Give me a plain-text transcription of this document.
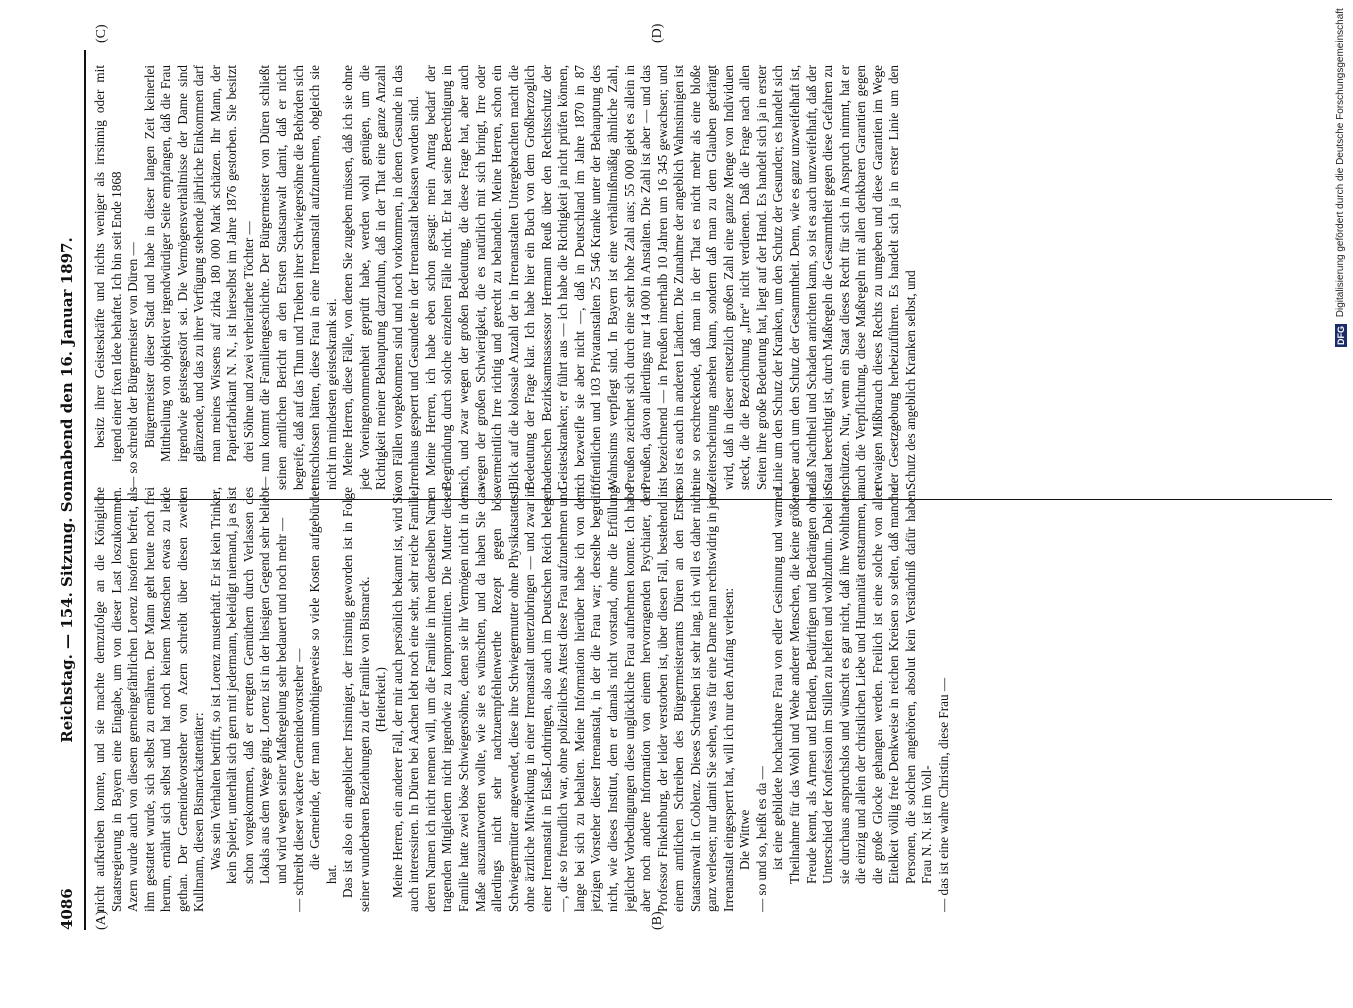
4086
Reichstag. — 154. Sitzung. Sonnabend den 16. Januar 1897.
(A)	(B)
(C)	(D)

nicht aufkreiben konnte, und sie machte demzufolge an die Königliche Staatsregierung in Bayern eine Eingabe, um von dieser Last loszukommen. Azern wurde auch von diesem gemeingefährlichen Lorenz insofern befreit, als ihm gestattet wurde, sich selbst zu ernähren. Der Mann geht heute noch frei herum, ernährt sich selbst und hat noch keinem Menschen etwas zu leide gethan. Der Gemeindevorsteher von Azern schreibt über diesen zweiten Kullmann, diesen Bismarckattentäter: Was sein Verhalten betrifft, so ist Lorenz musterhaft. Er ist kein Trinker, kein Spieler, unterhält sich gern mit jedermann, beleidigt niemand, ja es ist schon vorgekommen, daß er erregten Gemüthern durch Verlassen des Lokals aus dem Wege ging. Lorenz ist in der hiesigen Gegend sehr beliebt und wird wegen seiner Maßregelung sehr bedauert und noch mehr — — schreibt dieser wackere Gemeindevorsteher — die Gemeinde, der man unmöthigerweise so viele Kosten aufgebürdet hat. Das ist also ein angeblicher Irrsinniger, der irrsinnig geworden ist in Folge seiner wunderbaren Beziehungen zu der Familie von Bismarck. (Heiterkeit.) Meine Herren, ein anderer Fall, der mir auch persönlich bekannt ist, wird Sie auch interessiren. In Düren bei Aachen lebt noch eine sehr, sehr reiche Familie, deren Namen ich nicht nennen will, um die Familie in ihren denselben Namen tragenden Mitgliedern nicht irgendwie zu kompromittiren. Die Mutter dieser Familie hatte zwei böse Schwiegersöhne, denen sie ihr Vermögen nicht in dem Maße auszuantworten wollte, wie sie es wünschten, und da haben Sie das allerdings nicht sehr nachzuempfehlenwerthe Rezept gegen böse Schwiegermütter angewendet, diese ihre Schwiegermutter ohne Physikatsattest, ohne ärztliche Mitwirkung in einer Irrenanstalt unterzubringen — und zwar in einer Irrenanstalt in Elsaß-Lothringen, also auch im Deutschen Reich belegen —, die so freundlich war, ohne polizeiliches Attest diese Frau aufzunehmen und lange bei sich zu behalten. Meine Information hierüber habe ich von dem jetzigen Vorsteher dieser Irrenanstalt, in der die Frau war; derselbe begreift nicht, wie dieses Institut, dem er damals nicht vorstand, ohne die Erfüllung jeglicher Vorbedingungen diese unglückliche Frau aufnehmen konnte. Ich habe aber noch andere Information von einem hervorragenden Psychiater, den Professor Finkelnburg, der leider verstorben ist, über diesen Fall, bestehend in einem amtlichen Schreiben des Bürgermeisteramts Düren an den Ersten Staatsanwalt in Coblenz. Dieses Schreiben ist sehr lang, ich will es daher nicht ganz verlesen; nur damit Sie sehen, was für eine Dame man rechtswidrig in jene Irrenanstalt eingesperrt hat, will ich nur den Anfang verlesen: Die Wittwe — so und so, heißt es da — ist eine gebildete hochachtbare Frau von edler Gesinnung und warmer Theilnahme für das Wohl und Wehe anderer Menschen, die keine größere Freude kennt, als Armen und Elenden, Bedürftigen und Bedrängten ohne Unterschied der Konfession im Stillen zu helfen und wohlzuthun. Dabei ist sie durchaus anspruchslos und wünscht es gar nicht, daß ihre Wohlthaten, die einzig und allein der christlichen Liebe und Humanität entstammen, an die große Glocke gehangen werden. Freilich ist eine solche von aller Eitelkeit völlig freie Denkweise in reichen Kreisen so selten, daß manche Personen, die solchen angehören, absolut kein Verständniß dafür haben. Frau N. N. ist im Voll- — das ist eine wahre Christin, diese Frau —

besitz ihrer Geisteskräfte und nichts weniger als irrsinnig oder mit irgend einer fixen Idee behaftet. Ich bin seit Ende 1868 — so schreibt der Bürgermeister von Düren — Bürgermeister dieser Stadt und habe in dieser langen Zeit keinerlei Mittheilung von objektiver irgendwürdiger Seite empfangen, daß die Frau irgendwie geistesgestört sei. Die Vermögensverhältnisse der Dame sind glänzende, und das zu ihrer Verfügung stehende jährliche Einkommen darf man meines Wissens auf zirka 180 000 Mark schätzen. Ihr Mann, der Papierfabrikant N. N., ist hierselbst im Jahre 1876 gestorben. Sie besitzt drei Söhne und zwei verheirathete Töchter — — nun kommt die Familiengeschichte. Der Bürgermeister von Düren schließt seinen amtlichen Bericht an den Ersten Staatsanwalt damit, daß er nicht begreife, daß auf das Thun und Treiben ihrer Schwiegersöhne die Behörden sich entschlossen hätten, diese Frau in eine Irrenanstalt aufzunehmen, obgleich sie nicht im mindesten geisteskrank sei. Meine Herren, diese Fälle, von denen Sie zugeben müssen, daß ich sie ohne jede Voreingenommenheit geprüft habe, werden wohl genügen, um die Richtigkeit meiner Behauptung darzuthun, daß in der That eine ganze Anzahl von Fällen vorgekommen sind und noch vorkommen, in denen Gesunde in das Irrenhaus gesperrt und Gesundete in der Irrenanstalt belassen worden sind. Meine Herren, ich habe eben schon gesagt: mein Antrag bedarf der Begründung durch solche einzelnen Fälle nicht. Er hat seine Berechtigung in sich, und zwar wegen der großen Bedeutung, die diese Frage hat, aber auch wegen der großen Schwierigkeit, die es natürlich mit sich bringt, Irre oder vermeintlich Irre richtig und gerecht zu behandeln. Meine Herren, schon ein Blick auf die kolossale Anzahl der in Irrenanstalten Untergebrachten macht die Bedeutung der Frage klar. Ich habe hier ein Buch von dem Großherzoglich badenschen Bezirksamtsassessor Hermann Reuß über den Rechtsschutz der Geisteskranken; er führt aus — ich habe die Richtigkeit ja nicht prüfen können, ich bezweifle sie aber nicht —, daß in Deutschland im Jahre 1870 in 87 öffentlichen und 103 Privatanstalten 25 546 Kranke unter der Behauptung des Wahnsinns verpflegt sind. In Bayern ist eine verhältnißmäßig ähnliche Zahl, Preußen zeichnet sich durch eine sehr hohe Zahl aus; 55 000 giebt es allein in Preußen, davon allerdings nur 14 000 in Anstalten. Die Zahl ist aber — und das ist bezeichnend — in Preußen innerhalb 10 Jahren um 16 345 gewachsen; und so ist es auch in anderen Ländern. Die Zunahme der angeblich Wahnsinnigen ist eine so erschreckende, daß man in der That es nicht mehr als eine bloße Zeiterscheinung ansehen kann, sondern daß man zu dem Glauben gedrängt wird, daß in dieser entsetzlich großen Zahl eine ganze Menge von Individuen steckt, die die Bezeichnung „Irre“ nicht verdienen. Daß die Frage nach allen Seiten ihre große Bedeutung hat, liegt auf der Hand. Es handelt sich ja in erster Linie um den Schutz der Kranken, um den Schutz der Gesunden; es handelt sich aber auch um den Schutz der Gesammtheit. Denn, wie es ganz unzweifelhaft ist, daß Nachtheil und Schaden anrichten kann, so ist es auch unzweifelhaft, daß der Staat berechtigt ist, durch Maßregeln die Gesammtheit gegen diese Gefahren zu schützen. Nur, wenn ein Staat dieses Recht für sich in Anspruch nimmt, hat er auch die Verpflichtung, diese Maßregeln mit allen denkbaren Garantien gegen etwaigen Mißbrauch dieses Rechts zu umgeben und diese Garantien im Wege der Gesetzgebung herbeizuführen. Es handelt sich ja in erster Linie um den Schutz des angeblich Kranken selbst, und	DFG Digitalisierung gefördert durch die Deutsche Forschungsgemeinschaft
